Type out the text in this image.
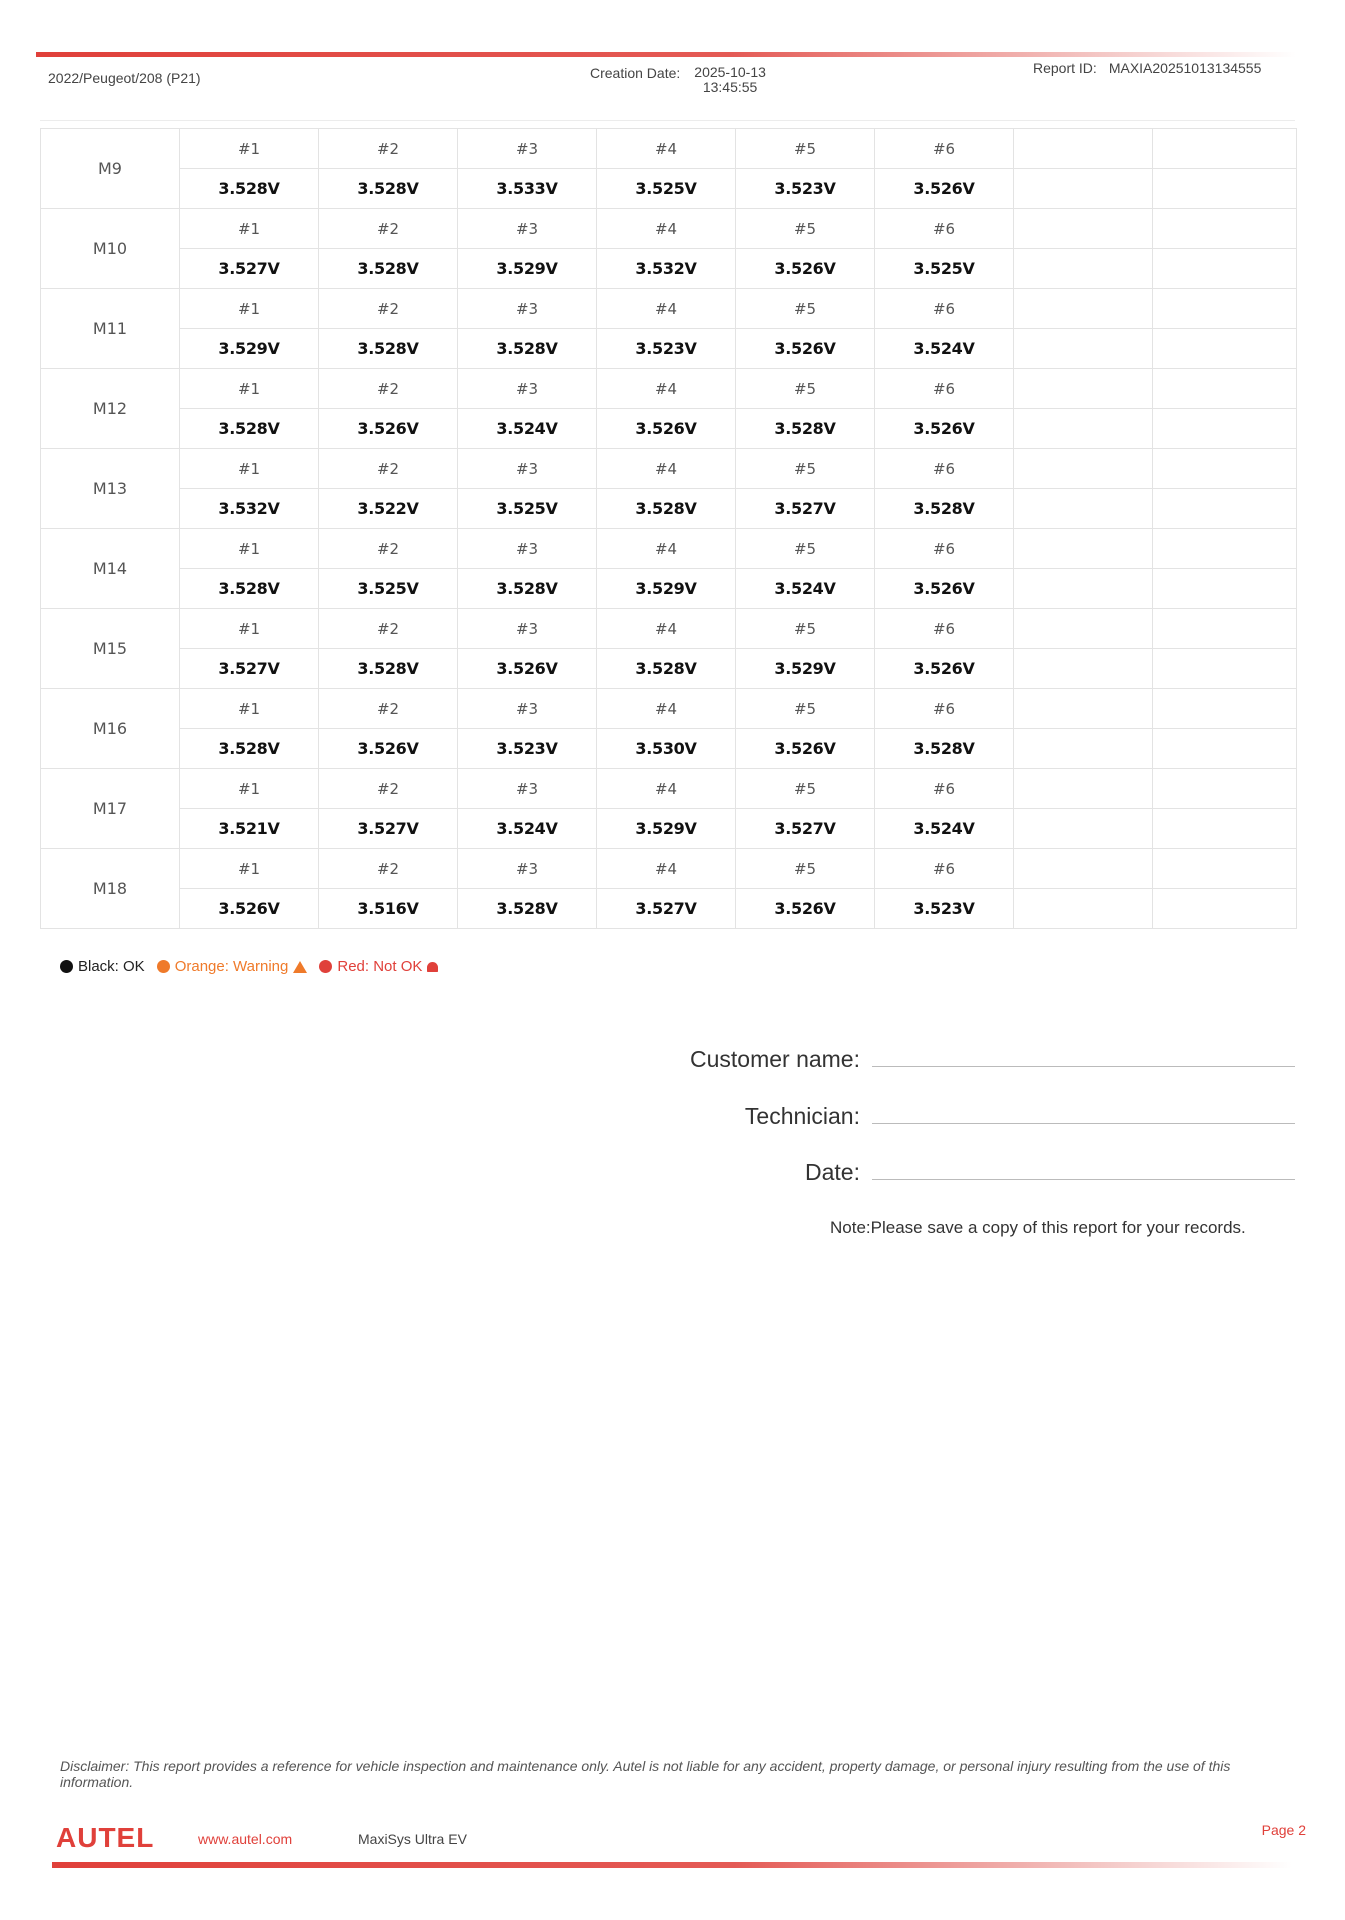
2022/Peugeot/208 (P21)	Creation Date: 2025-10-13
13:45:55
Report ID: MAXIA20251013134555
M9	#1	#2	#3	#4	#5	#6		
	3.528V	3.528V	3.533V	3.525V	3.523V	3.526V		
M10	#1	#2	#3	#4	#5	#6		
	3.527V	3.528V	3.529V	3.532V	3.526V	3.525V		
M11	#1	#2	#3	#4	#5	#6		
	3.529V	3.528V	3.528V	3.523V	3.526V	3.524V		
M12	#1	#2	#3	#4	#5	#6		
	3.528V	3.526V	3.524V	3.526V	3.528V	3.526V		
M13	#1	#2	#3	#4	#5	#6		
	3.532V	3.522V	3.525V	3.528V	3.527V	3.528V		
M14	#1	#2	#3	#4	#5	#6		
	3.528V	3.525V	3.528V	3.529V	3.524V	3.526V		
M15	#1	#2	#3	#4	#5	#6		
	3.527V	3.528V	3.526V	3.528V	3.529V	3.526V		
M16	#1	#2	#3	#4	#5	#6		
	3.528V	3.526V	3.523V	3.530V	3.526V	3.528V		
M17	#1	#2	#3	#4	#5	#6		
	3.521V	3.527V	3.524V	3.529V	3.527V	3.524V		
M18	#1	#2	#3	#4	#5	#6		
	3.526V	3.516V	3.528V	3.527V	3.526V	3.523V		
Black: OK Orange: Warning	Red: Not OK
Customer name:
Technician:
Date:
Note:Please save a copy of this report for your records.
Disclaimer: This report provides a reference for vehicle inspection and maintenance only. Autel is not liable for any accident, property damage, or personal injury resulting from the use of this information.
AUTEL	www.autel.com	MaxiSys Ultra EV
Page 2
